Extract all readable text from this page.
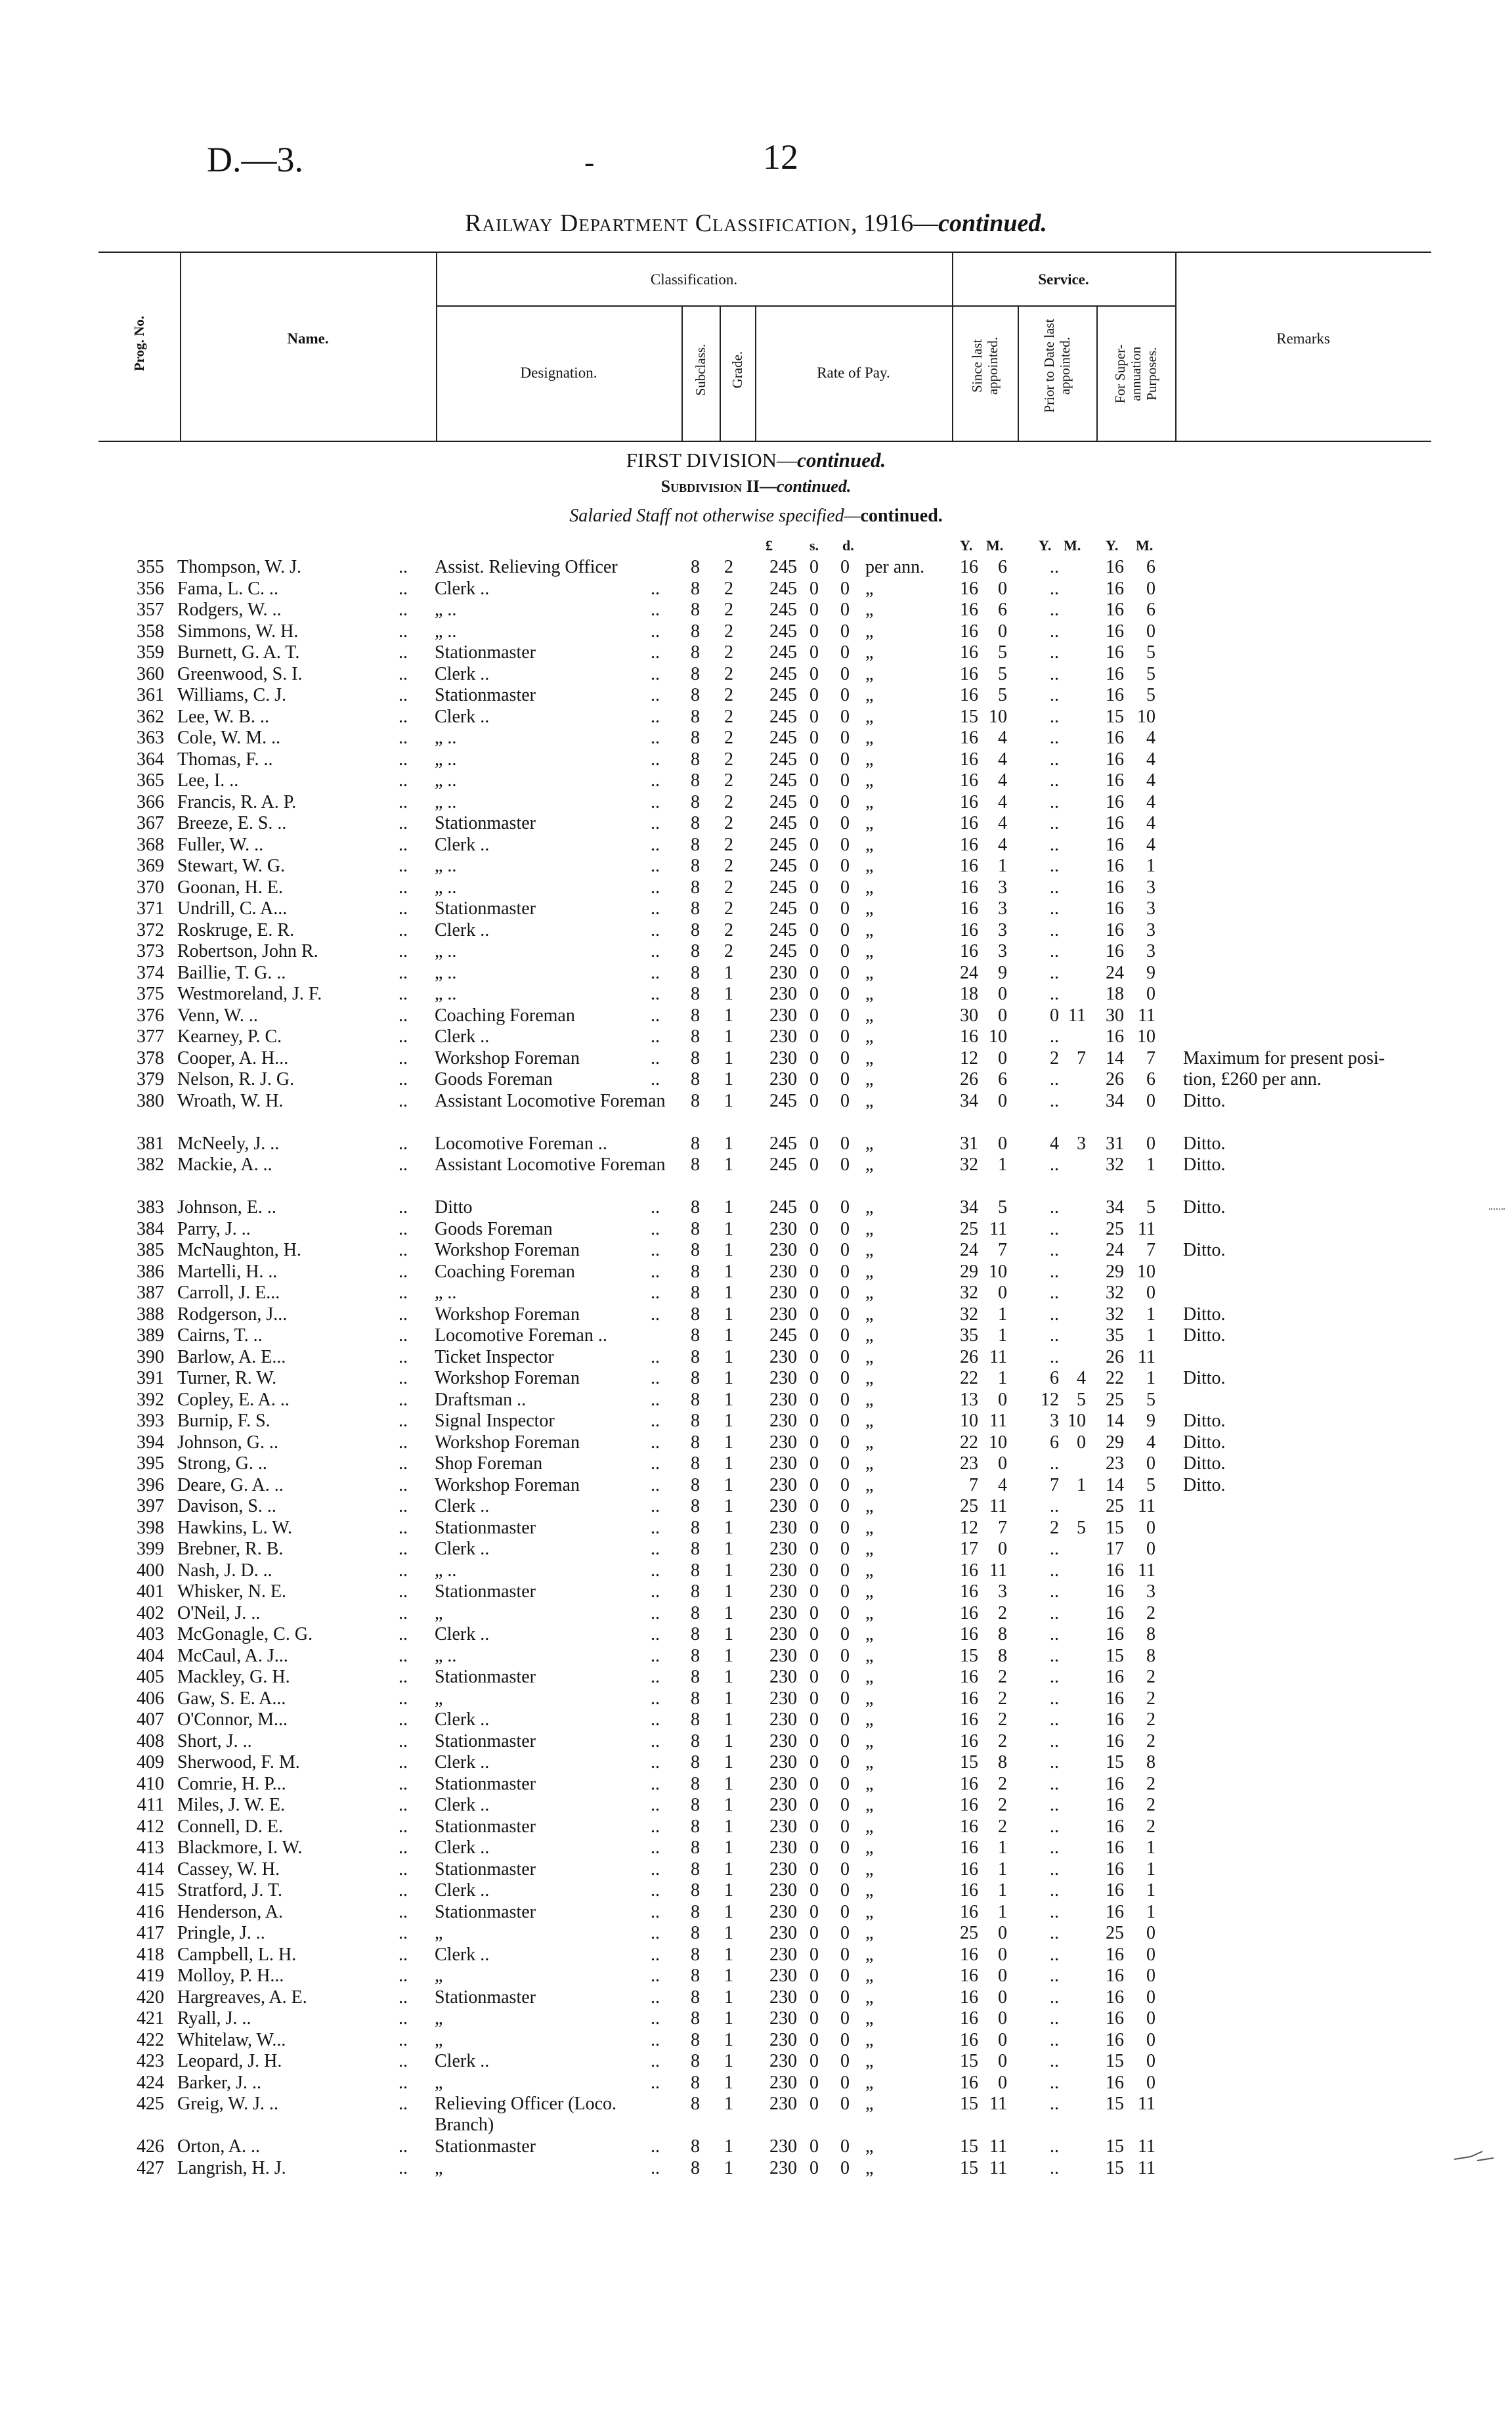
D.—3.	-	12
Railway Department Classification, 1916—continued.
Prog. No.	Name.
Classification.
Designation.	Subclass. Grade.	Rate of Pay.
Service.
Since last appointed.	Prior to Date last appointed.	For Super-annuation Purposes.
Remarks
FIRST DIVISION—continued.
Subdivision II—continued.
Salaried Staff not otherwise specified—continued.
£	s. d.	Y. M. Y. M. Y. M.
355 Thompson, W. J.	.. Assist. Relieving Officer	8 2	245 0 0 per ann.	16	6	..	16	6
356 Fama, L. C. ..	.. Clerk ..	.. 8 2	245 0 0 „	16	0	..	16	0
357 Rodgers, W. ..	.. „ ..	.. 8 2	245 0 0 „	16	6	..	16	6
358 Simmons, W. H.	.. „ ..	.. 8 2	245 0 0 „	16	0	..	16	0
359 Burnett, G. A. T.	.. Stationmaster	.. 8 2	245 0 0 „	16	5	..	16	5
360 Greenwood, S. I.	.. Clerk ..	.. 8 2	245 0 0 „	16	5	..	16	5
361 Williams, C. J.	.. Stationmaster	.. 8 2	245 0 0 „	16	5	..	16	5
362 Lee, W. B. ..	.. Clerk ..	.. 8 2	245 0 0 „	15 10	..	15 10
363 Cole, W. M. ..	.. „ ..	.. 8 2	245 0 0 „	16	4	..	16	4
364 Thomas, F. ..	.. „ ..	.. 8 2	245 0 0 „	16	4	..	16	4
365 Lee, I. ..	.. „ ..	.. 8 2	245 0 0 „	16	4	..	16	4
366 Francis, R. A. P.	.. „ ..	.. 8 2	245 0 0 „	16	4	..	16	4
367 Breeze, E. S. ..	.. Stationmaster	.. 8 2	245 0 0 „	16	4	..	16	4
368 Fuller, W. ..	.. Clerk ..	.. 8 2	245 0 0 „	16	4	..	16	4
369 Stewart, W. G.	.. „ ..	.. 8 2	245 0 0 „	16	1	..	16	1
370 Goonan, H. E.	.. „ ..	.. 8 2	245 0 0 „	16	3	..	16	3
371 Undrill, C. A...	.. Stationmaster	.. 8 2	245 0 0 „	16	3	..	16	3
372 Roskruge, E. R.	.. Clerk ..	.. 8 2	245 0 0 „	16	3	..	16	3
373 Robertson, John R.	.. „ ..	.. 8 2	245 0 0 „	16	3	..	16	3
374 Baillie, T. G. ..	.. „ ..	.. 8 1	230 0 0 „	24	9	..	24	9
375 Westmoreland, J. F.	.. „ ..	.. 8 1	230 0 0 „	18	0	..	18	0
376 Venn, W. ..	.. Coaching Foreman	.. 8 1	230 0 0 „	30	0	0 11	30 11
377 Kearney, P. C.	.. Clerk ..	.. 8 1	230 0 0 „	16 10	..	16 10
378 Cooper, A. H...	.. Workshop Foreman	.. 8 1	230 0 0 „	12	0	2 7	14	7 Maximum for present posi-
379 Nelson, R. J. G.	.. Goods Foreman	.. 8 1	230 0 0 „	26	6	..	26	6 tion, £260 per ann.
380 Wroath, W. H.	.. Assistant Locomotive Foreman	8 1	245 0 0 „	34	0	..	34	0 Ditto.
381 McNeely, J. ..	.. Locomotive Foreman ..	8 1	245 0 0 „	31	0	4 3	31	0 Ditto.
382 Mackie, A. ..	.. Assistant Locomotive Foreman	8 1	245 0 0 „	32	1	..	32	1 Ditto.
383 Johnson, E. ..	.. Ditto	.. 8 1	245 0 0 „	34	5	..	34	5 Ditto.
384 Parry, J. ..	.. Goods Foreman	.. 8 1	230 0 0 „	25 11	..	25 11
385 McNaughton, H.	.. Workshop Foreman	.. 8 1	230 0 0 „	24	7	..	24	7 Ditto.
386 Martelli, H. ..	.. Coaching Foreman	.. 8 1	230 0 0 „	29 10	..	29 10
387 Carroll, J. E...	.. „ ..	.. 8 1	230 0 0 „	32	0	..	32	0
388 Rodgerson, J...	.. Workshop Foreman	.. 8 1	230 0 0 „	32	1	..	32	1 Ditto.
389 Cairns, T. ..	.. Locomotive Foreman ..	8 1	245 0 0 „	35	1	..	35	1 Ditto.
390 Barlow, A. E...	.. Ticket Inspector	.. 8 1	230 0 0 „	26 11	..	26 11
391 Turner, R. W.	.. Workshop Foreman	.. 8 1	230 0 0 „	22	1	6 4	22	1 Ditto.
392 Copley, E. A. ..	.. Draftsman ..	.. 8 1	230 0 0 „	13	0	12 5	25	5
393 Burnip, F. S.	.. Signal Inspector	.. 8 1	230 0 0 „	10 11	3 10	14	9 Ditto.
394 Johnson, G. ..	.. Workshop Foreman	.. 8 1	230 0 0 „	22 10	6 0	29	4 Ditto.
395 Strong, G. ..	.. Shop Foreman	.. 8 1	230 0 0 „	23	0	..	23	0 Ditto.
396 Deare, G. A. ..	.. Workshop Foreman	.. 8 1	230 0 0 „	7	4	7 1	14	5 Ditto.
397 Davison, S. ..	.. Clerk ..	.. 8 1	230 0 0 „	25 11	..	25 11
398 Hawkins, L. W.	.. Stationmaster	.. 8 1	230 0 0 „	12	7	2 5	15	0
399 Brebner, R. B.	.. Clerk ..	.. 8 1	230 0 0 „	17	0	..	17	0
400 Nash, J. D. ..	.. „ ..	.. 8 1	230 0 0 „	16 11	..	16 11
401 Whisker, N. E.	.. Stationmaster	.. 8 1	230 0 0 „	16	3	..	16	3
402 O'Neil, J. ..	.. „	.. 8 1	230 0 0 „	16	2	..	16	2
403 McGonagle, C. G.	.. Clerk ..	.. 8 1	230 0 0 „	16	8	..	16	8
404 McCaul, A. J...	.. „ ..	.. 8 1	230 0 0 „	15	8	..	15	8
405 Mackley, G. H.	.. Stationmaster	.. 8 1	230 0 0 „	16	2	..	16	2
406 Gaw, S. E. A...	.. „	.. 8 1	230 0 0 „	16	2	..	16	2
407 O'Connor, M...	.. Clerk ..	.. 8 1	230 0 0 „	16	2	..	16	2
408 Short, J. ..	.. Stationmaster	.. 8 1	230 0 0 „	16	2	..	16	2
409 Sherwood, F. M.	.. Clerk ..	.. 8 1	230 0 0 „	15	8	..	15	8
410 Comrie, H. P...	.. Stationmaster	.. 8 1	230 0 0 „	16	2	..	16	2
411 Miles, J. W. E.	.. Clerk ..	.. 8 1	230 0 0 „	16	2	..	16	2
412 Connell, D. E.	.. Stationmaster	.. 8 1	230 0 0 „	16	2	..	16	2
413 Blackmore, I. W.	.. Clerk ..	.. 8 1	230 0 0 „	16	1	..	16	1
414 Cassey, W. H.	.. Stationmaster	.. 8 1	230 0 0 „	16	1	..	16	1
415 Stratford, J. T.	.. Clerk ..	.. 8 1	230 0 0 „	16	1	..	16	1
416 Henderson, A.	.. Stationmaster	.. 8 1	230 0 0 „	16	1	..	16	1
417 Pringle, J. ..	.. „	.. 8 1	230 0 0 „	25	0	..	25	0
418 Campbell, L. H.	.. Clerk ..	.. 8 1	230 0 0 „	16	0	..	16	0
419 Molloy, P. H...	.. „	.. 8 1	230 0 0 „	16	0	..	16	0
420 Hargreaves, A. E.	.. Stationmaster	.. 8 1	230 0 0 „	16	0	..	16	0
421 Ryall, J. ..	.. „	.. 8 1	230 0 0 „	16	0	..	16	0
422 Whitelaw, W...	.. „	.. 8 1	230 0 0 „	16	0	..	16	0
423 Leopard, J. H.	.. Clerk ..	.. 8 1	230 0 0 „	15	0	..	15	0
424 Barker, J. ..	.. „	.. 8 1	230 0 0 „	16	0	..	16	0
425 Greig, W. J. ..	.. Relieving Officer (Loco. Branch)
8 1	230 0 0 „	15 11	..	15 11
426 Orton, A. ..	.. Stationmaster	.. 8 1	230 0 0 „	15 11	..	15 11
427 Langrish, H. J.	.. „	.. 8 1	230 0 0 „	15 11	..	15 11
